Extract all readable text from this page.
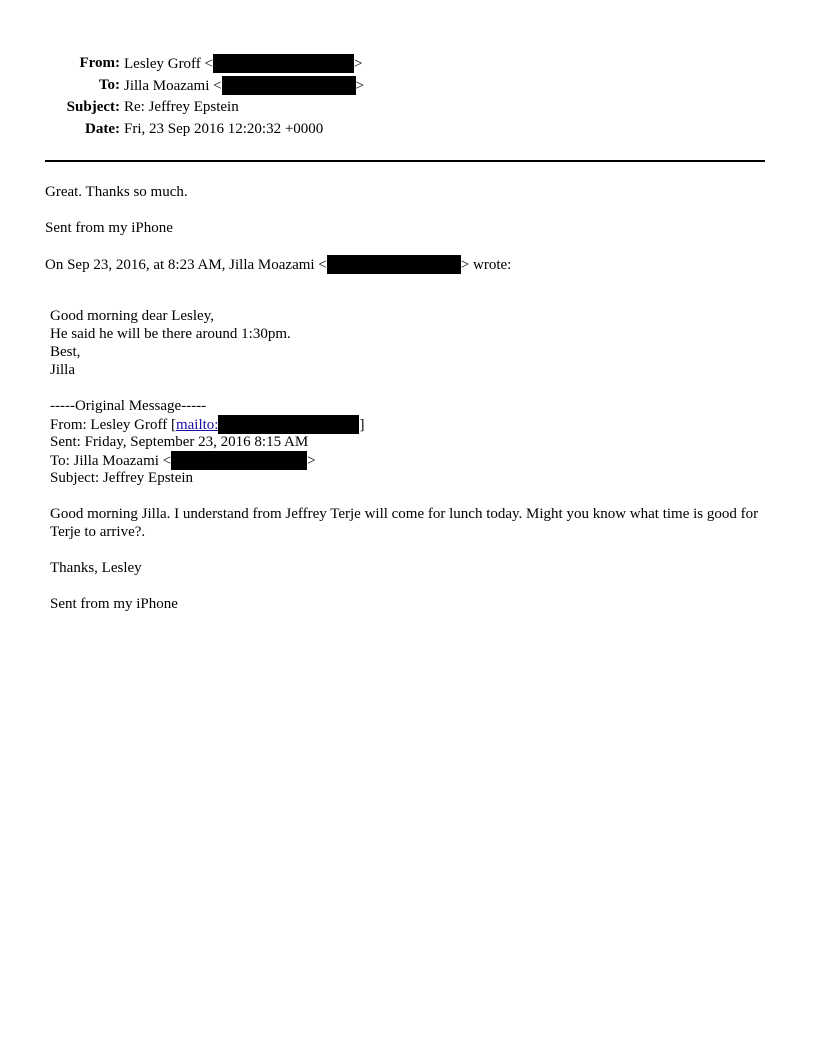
From: Lesley Groff <	>
To: Jilla Moazami <	>
Subject: Re: Jeffrey Epstein
Date: Fri, 23 Sep 2016 12:20:32 +0000
Great. Thanks so much.
Sent from my iPhone
On Sep 23, 2016, at 8:23 AM, Jilla Moazami <	> wrote:
Good morning dear Lesley,
He said he will be there around 1:30pm.
Best,
Jilla
-----Original Message-----
From: Lesley Groff [mailto:	]
Sent: Friday, September 23, 2016 8:15 AM
To: Jilla Moazami <	>
Subject: Jeffrey Epstein
Good morning Jilla. I understand from Jeffrey Terje will come for lunch today. Might you know what time is good for Terje to arrive?.
Thanks, Lesley
Sent from my iPhone
